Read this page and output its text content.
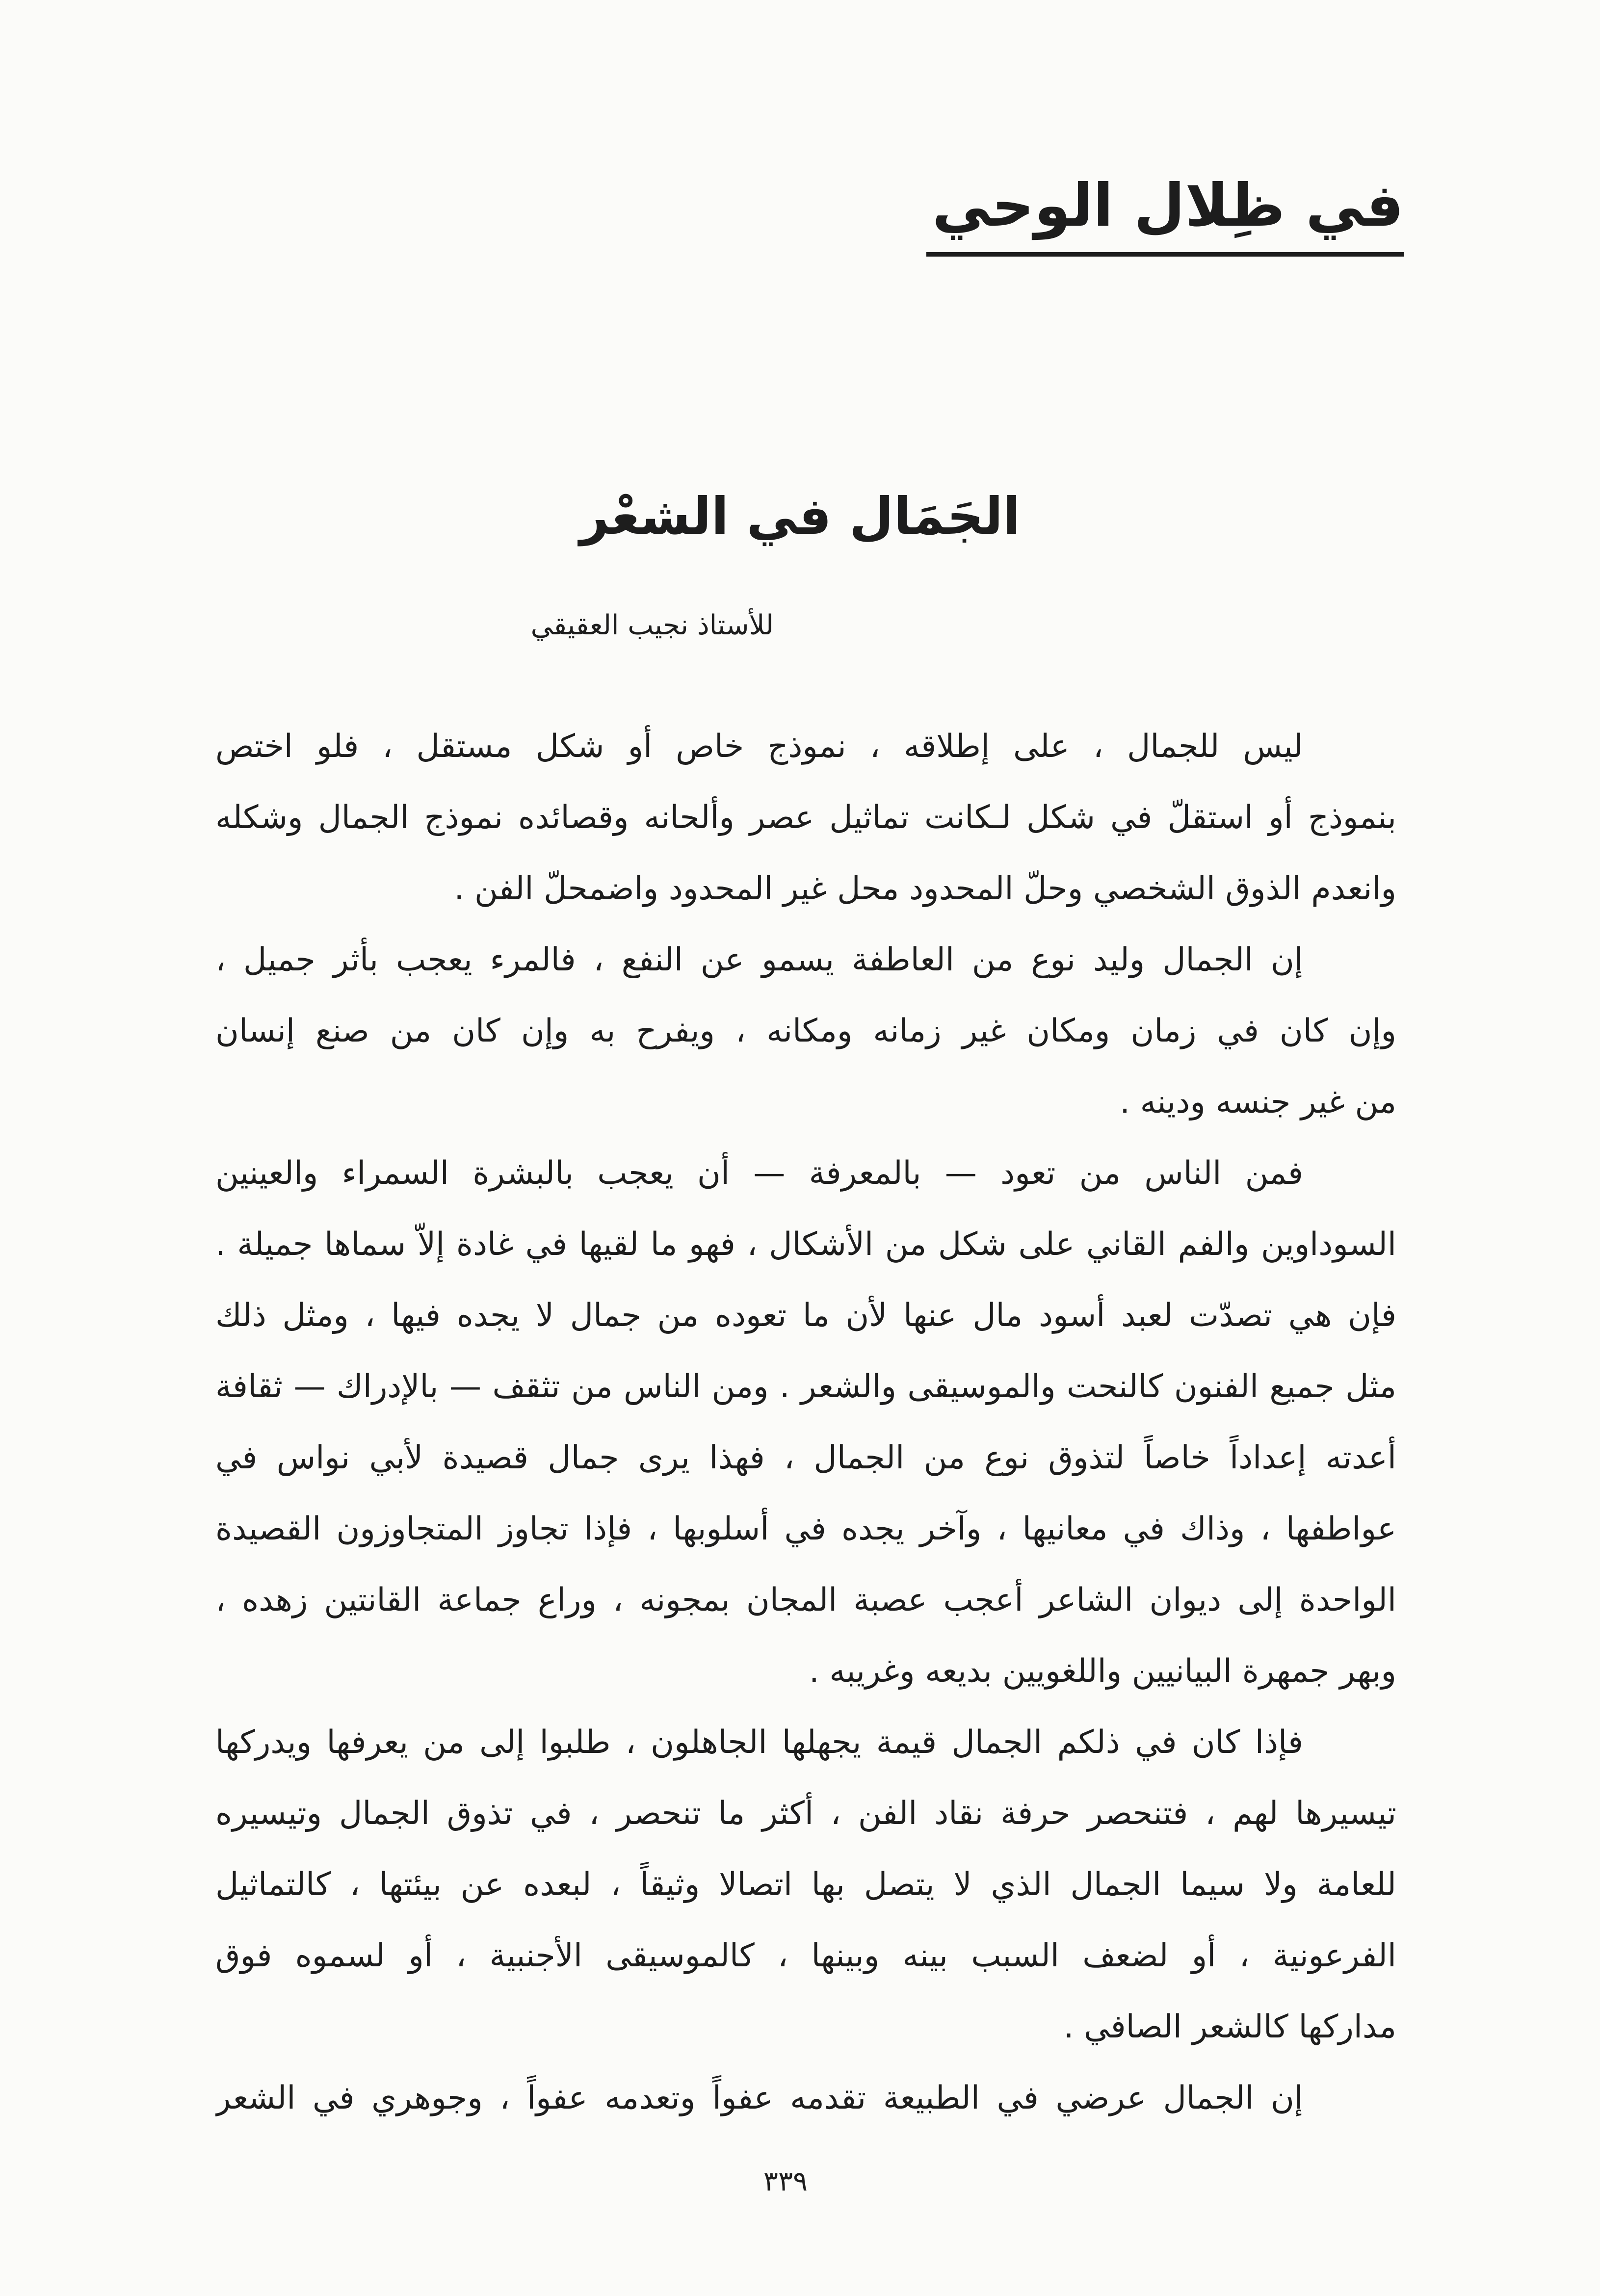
في ظِلال الوحي
الجَمَال في الشعْر
للأستاذ نجيب العقيقي
ليس للجمال ، على إطلاقه ، نموذج خاص أو شكل مستقل ، فلو اختص
بنموذج أو استقلّ في شكل لـكانت تماثيل عصر وألحانه وقصائده نموذج الجمال وشكله
وانعدم الذوق الشخصي وحلّ المحدود محل غير المحدود واضمحلّ الفن .
إن الجمال وليد نوع من العاطفة يسمو عن النفع ، فالمرء يعجب بأثر جميل ،
وإن كان في زمان ومكان غير زمانه ومكانه ، ويفرح به وإن كان من صنع إنسان
من غير جنسه ودينه .
فمن الناس من تعود — بالمعرفة — أن يعجب بالبشرة السمراء والعينين
السوداوين والفم القاني على شكل من الأشكال ، فهو ما لقيها في غادة إلاّ سماها جميلة .
فإن هي تصدّت لعبد أسود مال عنها لأن ما تعوده من جمال لا يجده فيها ، ومثل ذلك
مثل جميع الفنون كالنحت والموسيقى والشعر . ومن الناس من تثقف — بالإدراك — ثقافة
أعدته إعداداً خاصاً لتذوق نوع من الجمال ، فهذا يرى جمال قصيدة لأبي نواس في
عواطفها ، وذاك في معانيها ، وآخر يجده في أسلوبها ، فإذا تجاوز المتجاوزون القصيدة
الواحدة إلى ديوان الشاعر أعجب عصبة المجان بمجونه ، وراع جماعة القانتين زهده ،
وبهر جمهرة البيانيين واللغويين بديعه وغريبه .
فإذا كان في ذلكم الجمال قيمة يجهلها الجاهلون ، طلبوا إلى من يعرفها ويدركها
تيسيرها لهم ، فتنحصر حرفة نقاد الفن ، أكثر ما تنحصر ، في تذوق الجمال وتيسيره
للعامة ولا سيما الجمال الذي لا يتصل بها اتصالا وثيقاً ، لبعده عن بيئتها ، كالتماثيل
الفرعونية ، أو لضعف السبب بينه وبينها ، كالموسيقى الأجنبية ، أو لسموه فوق
مداركها كالشعر الصافي .
إن الجمال عرضي في الطبيعة تقدمه عفواً وتعدمه عفواً ، وجوهري في الشعر
٣٣٩
